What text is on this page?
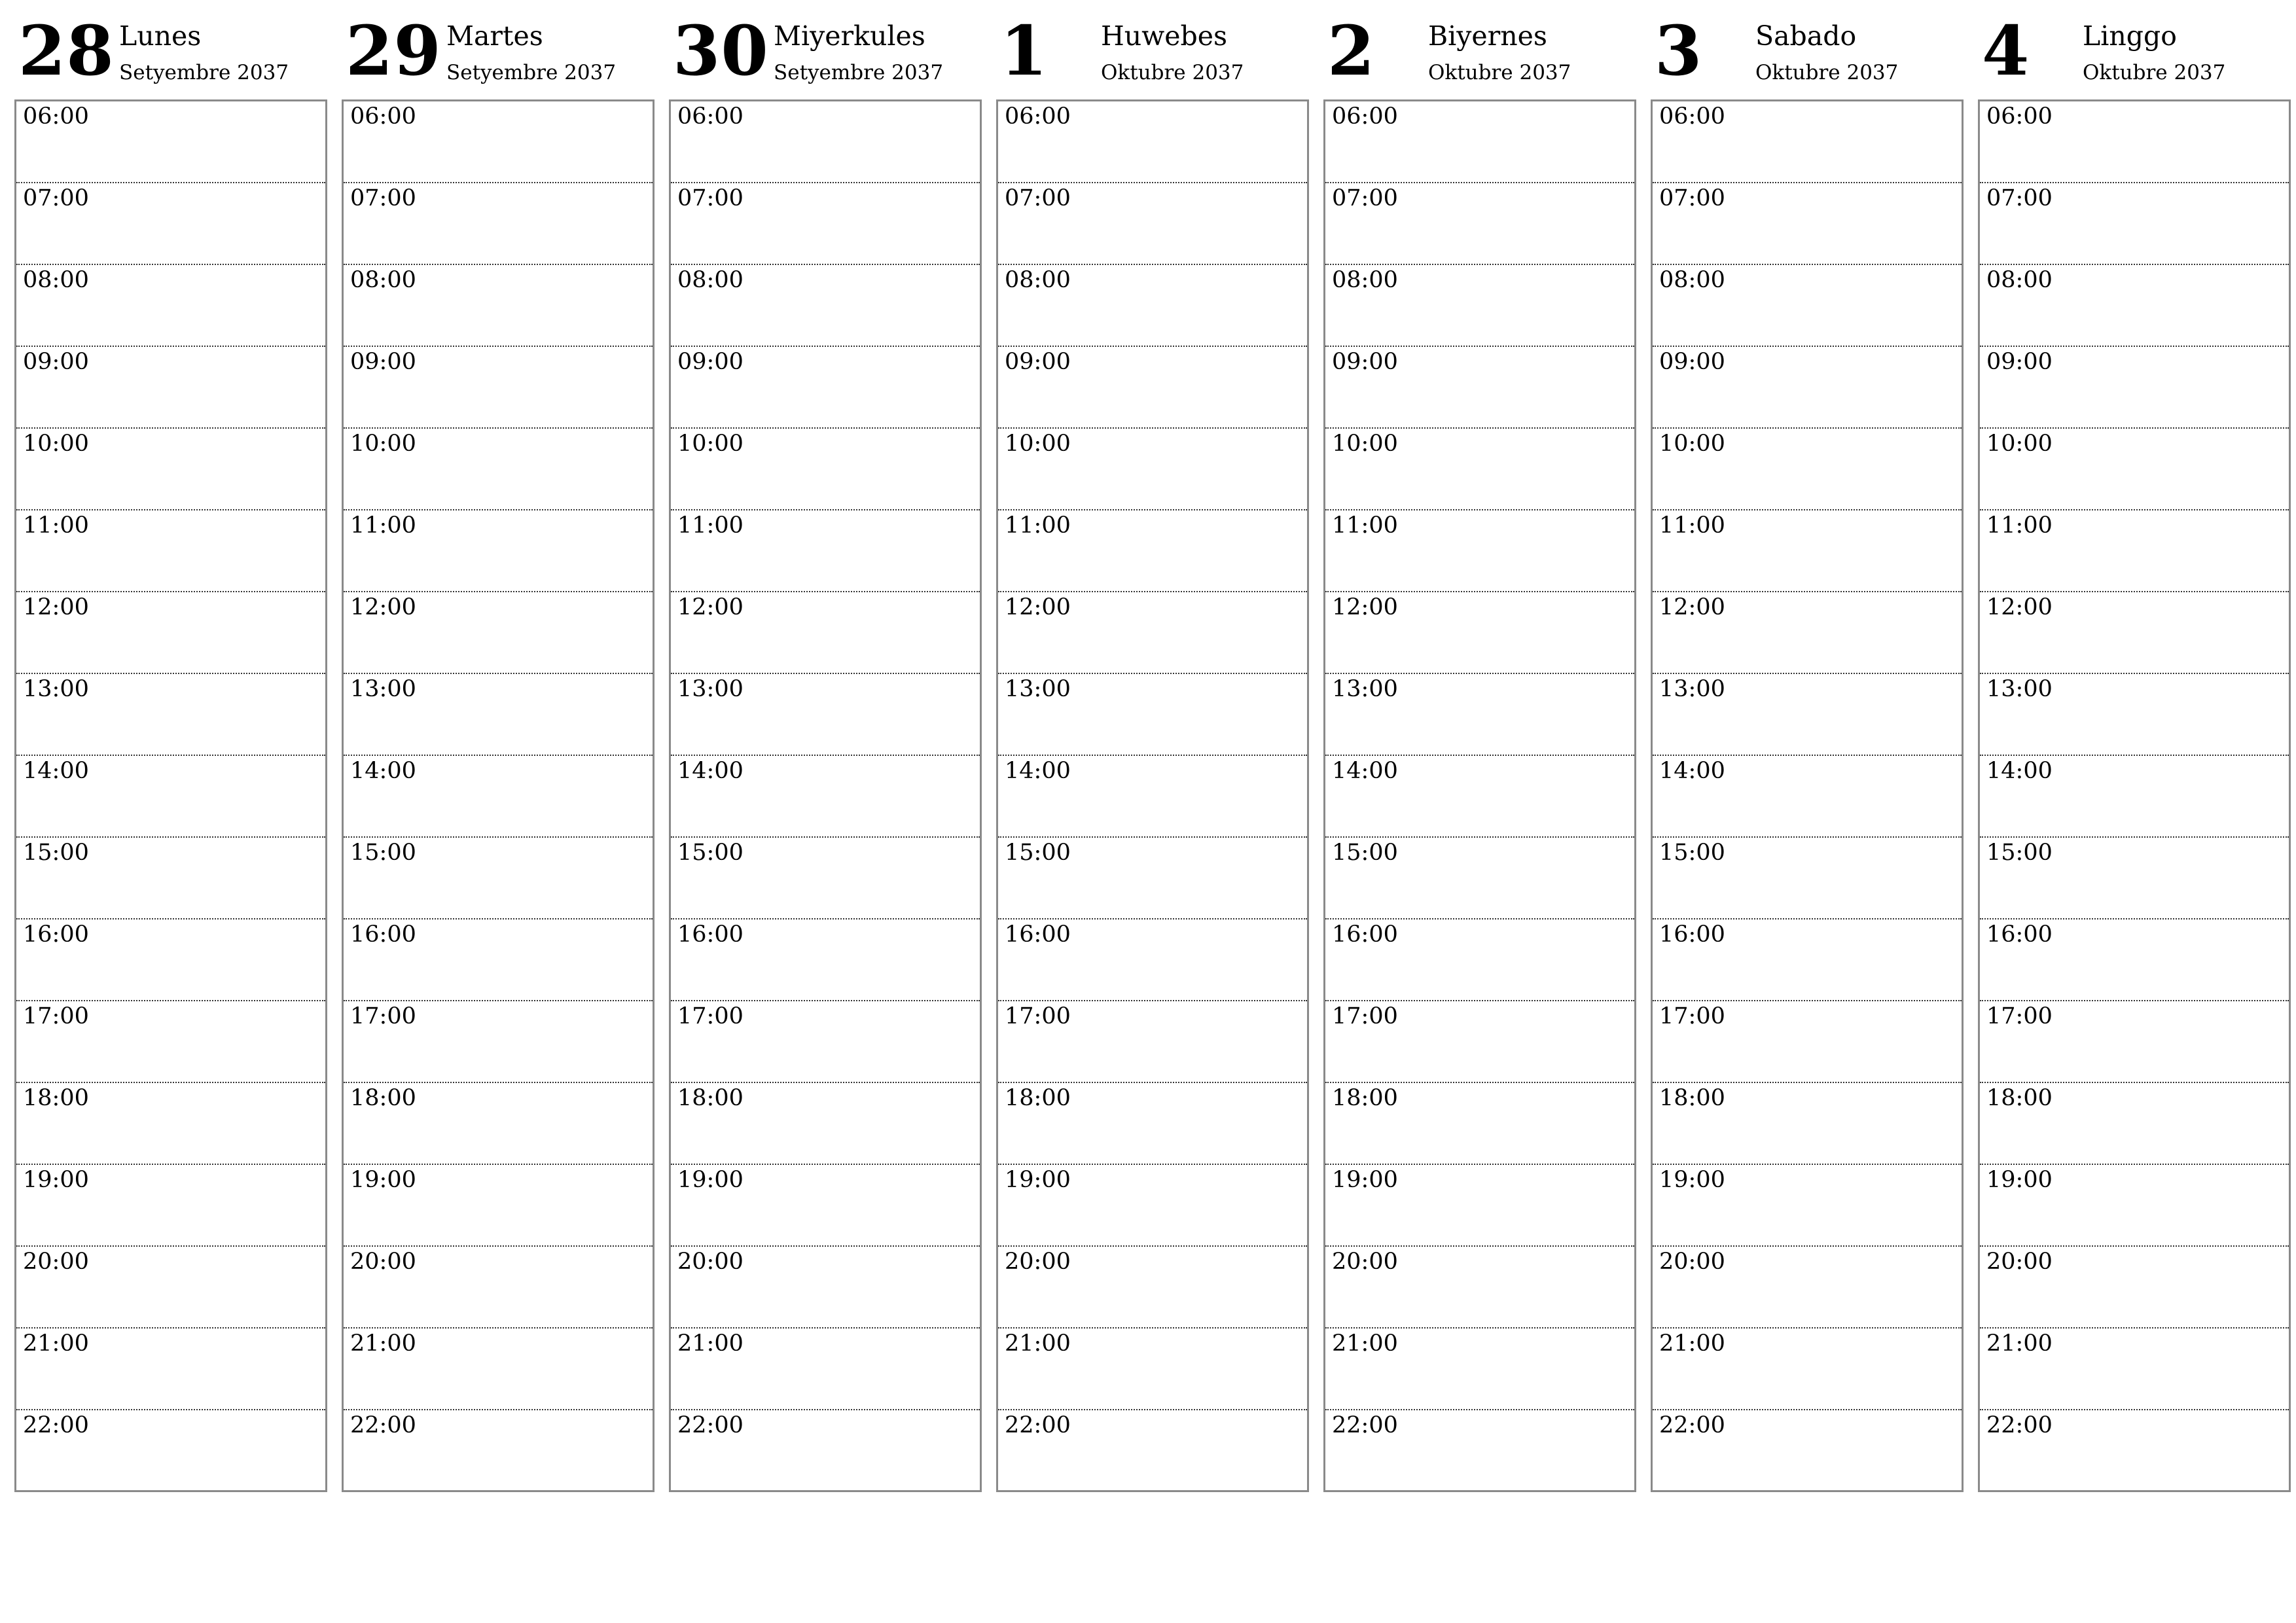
28 Lunes
Setyembre 2037
06:00
07:00
08:00
09:00
10:00
11:00
12:00
13:00
14:00
15:00
16:00
17:00
18:00
19:00
20:00
21:00
22:00
29 Martes
Setyembre 2037
06:00
07:00
08:00
09:00
10:00
11:00
12:00
13:00
14:00
15:00
16:00
17:00
18:00
19:00
20:00
21:00
22:00
30 Miyerkules
Setyembre 2037
06:00
07:00
08:00
09:00
10:00
11:00
12:00
13:00
14:00
15:00
16:00
17:00
18:00
19:00
20:00
21:00
22:00
1 Huwebes
Oktubre 2037
06:00
07:00
08:00
09:00
10:00
11:00
12:00
13:00
14:00
15:00
16:00
17:00
18:00
19:00
20:00
21:00
22:00
2 Biyernes
Oktubre 2037
06:00
07:00
08:00
09:00
10:00
11:00
12:00
13:00
14:00
15:00
16:00
17:00
18:00
19:00
20:00
21:00
22:00
3 Sabado
Oktubre 2037
06:00
07:00
08:00
09:00
10:00
11:00
12:00
13:00
14:00
15:00
16:00
17:00
18:00
19:00
20:00
21:00
22:00
4 Linggo
Oktubre 2037
06:00
07:00
08:00
09:00
10:00
11:00
12:00
13:00
14:00
15:00
16:00
17:00
18:00
19:00
20:00
21:00
22:00
